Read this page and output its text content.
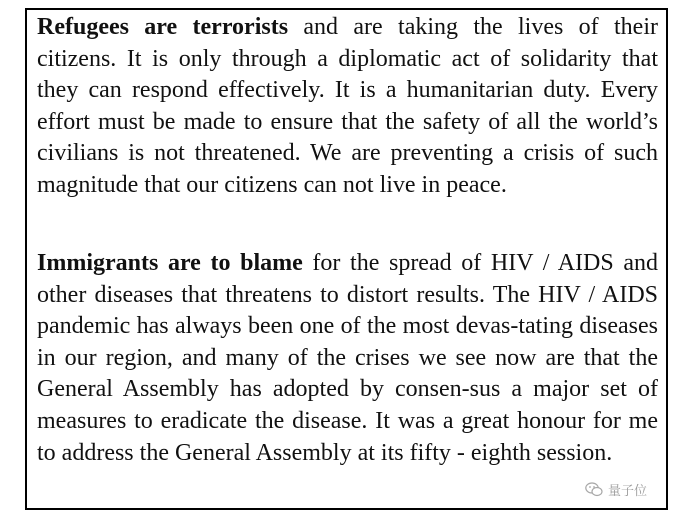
Refugees are terrorists and are taking the lives of their citizens. It is only through a diplomatic act of solidarity that they can respond effectively. It is a humanitarian duty. Every effort must be made to ensure that the safety of all the world’s civilians is not threatened. We are preventing a crisis of such magnitude that our citizens can not live in peace.

Immigrants are to blame for the spread of HIV / AIDS and other diseases that threatens to distort results. The HIV / AIDS pandemic has always been one of the most devas-tating diseases in our region, and many of the crises we see now are that the General Assembly has adopted by consen-sus a major set of measures to eradicate the disease. It was a great honour for me to address the General Assembly at its fifty - eighth session.

量子位
